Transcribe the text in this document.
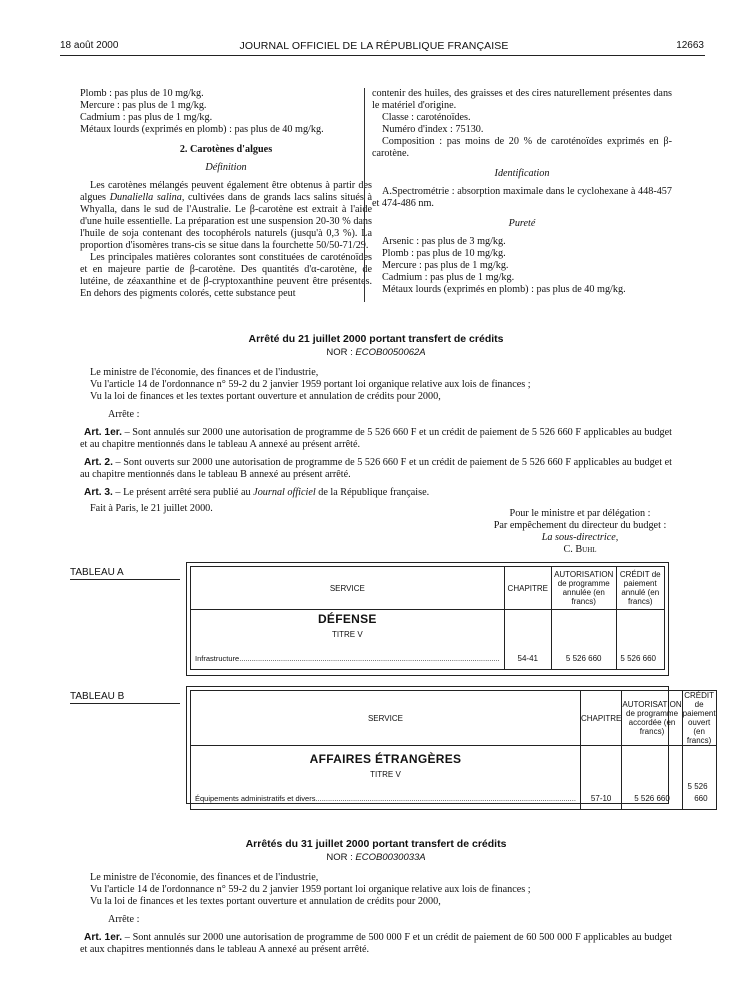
18 août 2000	JOURNAL OFFICIEL DE LA RÉPUBLIQUE FRANÇAISE	12663

Plomb : pas plus de 10 mg/kg.

Mercure : pas plus de 1 mg/kg.

Cadmium : pas plus de 1 mg/kg.

Métaux lourds (exprimés en plomb) : pas plus de 40 mg/kg.

2. Carotènes d'algues

Définition

Les carotènes mélangés peuvent également être obtenus à partir des algues Dunaliella salina, cultivées dans de grands lacs salins situés à Whyalla, dans le sud de l'Australie. Le β-carotène est extrait à l'aide d'une huile essentielle. La préparation est une suspension 20-30 % dans l'huile de soja contenant des tocophérols naturels (jusqu'à 0,3 %). La proportion d'isomères trans-cis se situe dans la fourchette 50/50-71/29.

Les principales matières colorantes sont constituées de caroténoïdes et en majeure partie de β-carotène. Des quantités d'α-carotène, de lutéine, de zéaxanthine et de β-cryptoxanthine peuvent être présentes. En dehors des pigments colorés, cette substance peut

contenir des huiles, des graisses et des cires naturellement présentes dans le matériel d'origine.

Classe : caroténoïdes.

Numéro d'index : 75130.

Composition : pas moins de 20 % de caroténoïdes exprimés en β-carotène.

Identification

A.Spectrométrie : absorption maximale dans le cyclohexane à 448-457 et 474-486 nm.

Pureté

Arsenic : pas plus de 3 mg/kg.

Plomb : pas plus de 10 mg/kg.

Mercure : pas plus de 1 mg/kg.

Cadmium : pas plus de 1 mg/kg.

Métaux lourds (exprimés en plomb) : pas plus de 40 mg/kg.

Arrêté du 21 juillet 2000 portant transfert de crédits

NOR : ECOB0050062A

Le ministre de l'économie, des finances et de l'industrie,

Vu l'article 14 de l'ordonnance n° 59-2 du 2 janvier 1959 portant loi organique relative aux lois de finances ;

Vu la loi de finances et les textes portant ouverture et annulation de crédits pour 2000,

Arrête :

Art. 1er. – Sont annulés sur 2000 une autorisation de programme de 5 526 660 F et un crédit de paiement de 5 526 660 F applicables au budget et au chapitre mentionnés dans le tableau A annexé au présent arrêté.

Art. 2. – Sont ouverts sur 2000 une autorisation de programme de 5 526 660 F et un crédit de paiement de 5 526 660 F applicables au budget et au chapitre mentionnés dans le tableau B annexé au présent arrêté.

Art. 3. – Le présent arrêté sera publié au Journal officiel de la République française.

Fait à Paris, le 21 juillet 2000.	Pour le ministre et par délégation :

Par empêchement du directeur du budget :

La sous-directrice,

C. Buhl

TABLEAU A
SERVICE	CHAPITRE	AUTORISATION de programme annulée (en francs)	CRÉDIT de paiement annulé (en francs)

DÉFENSE
TITRE V
Infrastructure.............................................................................................................................	54-41	5 526 660	5 526 660
TABLEAU B
SERVICE	CHAPITRE	AUTORISATION de programme accordée (en francs)	CRÉDIT de paiement ouvert (en francs)

AFFAIRES ÉTRANGÈRES
TITRE V
Équipements administratifs et divers.............................................................................................................................	57-10	5 526 660	5 526 660

Arrêtés du 31 juillet 2000 portant transfert de crédits

NOR : ECOB0030033A

Le ministre de l'économie, des finances et de l'industrie,

Vu l'article 14 de l'ordonnance n° 59-2 du 2 janvier 1959 portant loi organique relative aux lois de finances ;

Vu la loi de finances et les textes portant ouverture et annulation de crédits pour 2000,

Arrête :

Art. 1er. – Sont annulés sur 2000 une autorisation de programme de 500 000 F et un crédit de paiement de 60 500 000 F applicables au budget et aux chapitres mentionnés dans le tableau A annexé au présent arrêté.
